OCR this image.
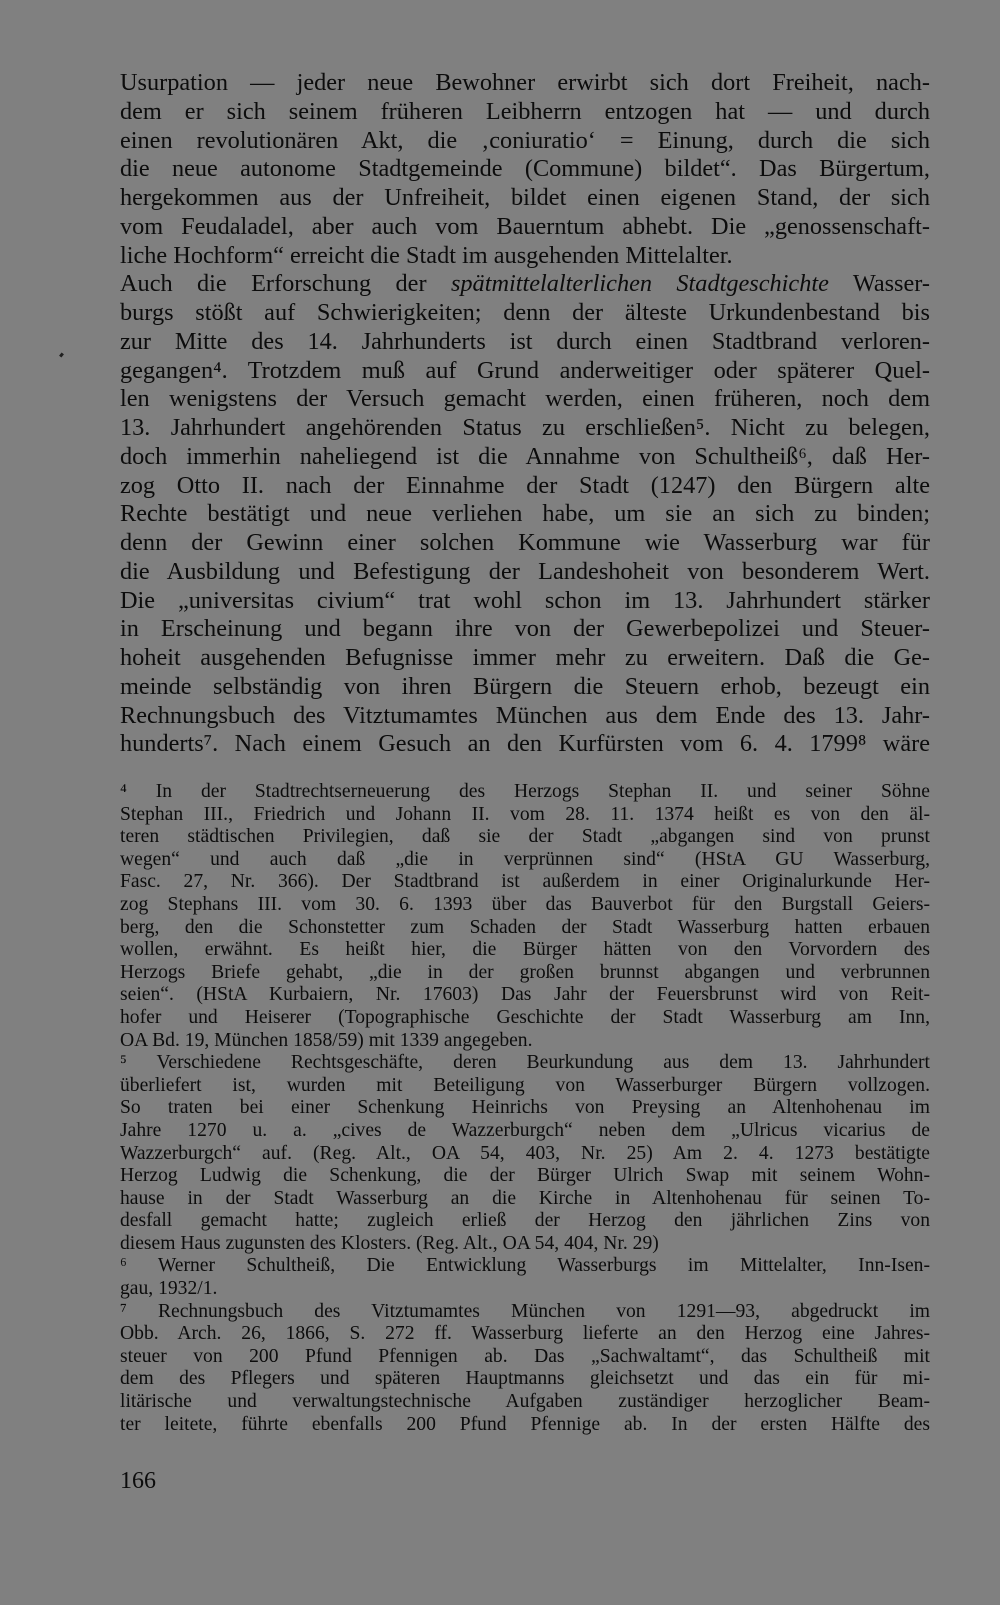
Usurpation — jeder neue Bewohner erwirbt sich dort Freiheit, nach-
dem er sich seinem früheren Leibherrn entzogen hat — und durch
einen revolutionären Akt, die ‚coniuratio‘ = Einung, durch die sich
die neue autonome Stadtgemeinde (Commune) bildet“. Das Bürgertum,
hergekommen aus der Unfreiheit, bildet einen eigenen Stand, der sich
vom Feudaladel, aber auch vom Bauerntum abhebt. Die „genossenschaft-
liche Hochform“ erreicht die Stadt im ausgehenden Mittelalter.
Auch die Erforschung der spätmittelalterlichen Stadtgeschichte Wasser-
burgs stößt auf Schwierigkeiten; denn der älteste Urkundenbestand bis
zur Mitte des 14. Jahrhunderts ist durch einen Stadtbrand verloren-
gegangen⁴. Trotzdem muß auf Grund anderweitiger oder späterer Quel-
len wenigstens der Versuch gemacht werden, einen früheren, noch dem
13. Jahrhundert angehörenden Status zu erschließen⁵. Nicht zu belegen,
doch immerhin naheliegend ist die Annahme von Schultheiß⁶, daß Her-
zog Otto II. nach der Einnahme der Stadt (1247) den Bürgern alte
Rechte bestätigt und neue verliehen habe, um sie an sich zu binden;
denn der Gewinn einer solchen Kommune wie Wasserburg war für
die Ausbildung und Befestigung der Landeshoheit von besonderem Wert.
Die „universitas civium“ trat wohl schon im 13. Jahrhundert stärker
in Erscheinung und begann ihre von der Gewerbepolizei und Steuer-
hoheit ausgehenden Befugnisse immer mehr zu erweitern. Daß die Ge-
meinde selbständig von ihren Bürgern die Steuern erhob, bezeugt ein
Rechnungsbuch des Vitztumamtes München aus dem Ende des 13. Jahr-
hunderts⁷. Nach einem Gesuch an den Kurfürsten vom 6. 4. 1799⁸ wäre
⁴ In der Stadtrechtserneuerung des Herzogs Stephan II. und seiner Söhne
Stephan III., Friedrich und Johann II. vom 28. 11. 1374 heißt es von den äl-
teren städtischen Privilegien, daß sie der Stadt „abgangen sind von prunst
wegen“ und auch daß „die in verprünnen sind“ (HStA GU Wasserburg,
Fasc. 27, Nr. 366). Der Stadtbrand ist außerdem in einer Originalurkunde Her-
zog Stephans III. vom 30. 6. 1393 über das Bauverbot für den Burgstall Geiers-
berg, den die Schonstetter zum Schaden der Stadt Wasserburg hatten erbauen
wollen, erwähnt. Es heißt hier, die Bürger hätten von den Vorvordern des
Herzogs Briefe gehabt, „die in der großen brunnst abgangen und verbrunnen
seien“. (HStA Kurbaiern, Nr. 17603) Das Jahr der Feuersbrunst wird von Reit-
hofer und Heiserer (Topographische Geschichte der Stadt Wasserburg am Inn,
OA Bd. 19, München 1858/59) mit 1339 angegeben.
⁵ Verschiedene Rechtsgeschäfte, deren Beurkundung aus dem 13. Jahrhundert
überliefert ist, wurden mit Beteiligung von Wasserburger Bürgern vollzogen.
So traten bei einer Schenkung Heinrichs von Preysing an Altenhohenau im
Jahre 1270 u. a. „cives de Wazzerburgch“ neben dem „Ulricus vicarius de
Wazzerburgch“ auf. (Reg. Alt., OA 54, 403, Nr. 25) Am 2. 4. 1273 bestätigte
Herzog Ludwig die Schenkung, die der Bürger Ulrich Swap mit seinem Wohn-
hause in der Stadt Wasserburg an die Kirche in Altenhohenau für seinen To-
desfall gemacht hatte; zugleich erließ der Herzog den jährlichen Zins von
diesem Haus zugunsten des Klosters. (Reg. Alt., OA 54, 404, Nr. 29)
⁶ Werner Schultheiß, Die Entwicklung Wasserburgs im Mittelalter, Inn-Isen-
gau, 1932/1.
⁷ Rechnungsbuch des Vitztumamtes München von 1291—93, abgedruckt im
Obb. Arch. 26, 1866, S. 272 ff. Wasserburg lieferte an den Herzog eine Jahres-
steuer von 200 Pfund Pfennigen ab. Das „Sachwaltamt“, das Schultheiß mit
dem des Pflegers und späteren Hauptmanns gleichsetzt und das ein für mi-
litärische und verwaltungstechnische Aufgaben zuständiger herzoglicher Beam-
ter leitete, führte ebenfalls 200 Pfund Pfennige ab. In der ersten Hälfte des
166
